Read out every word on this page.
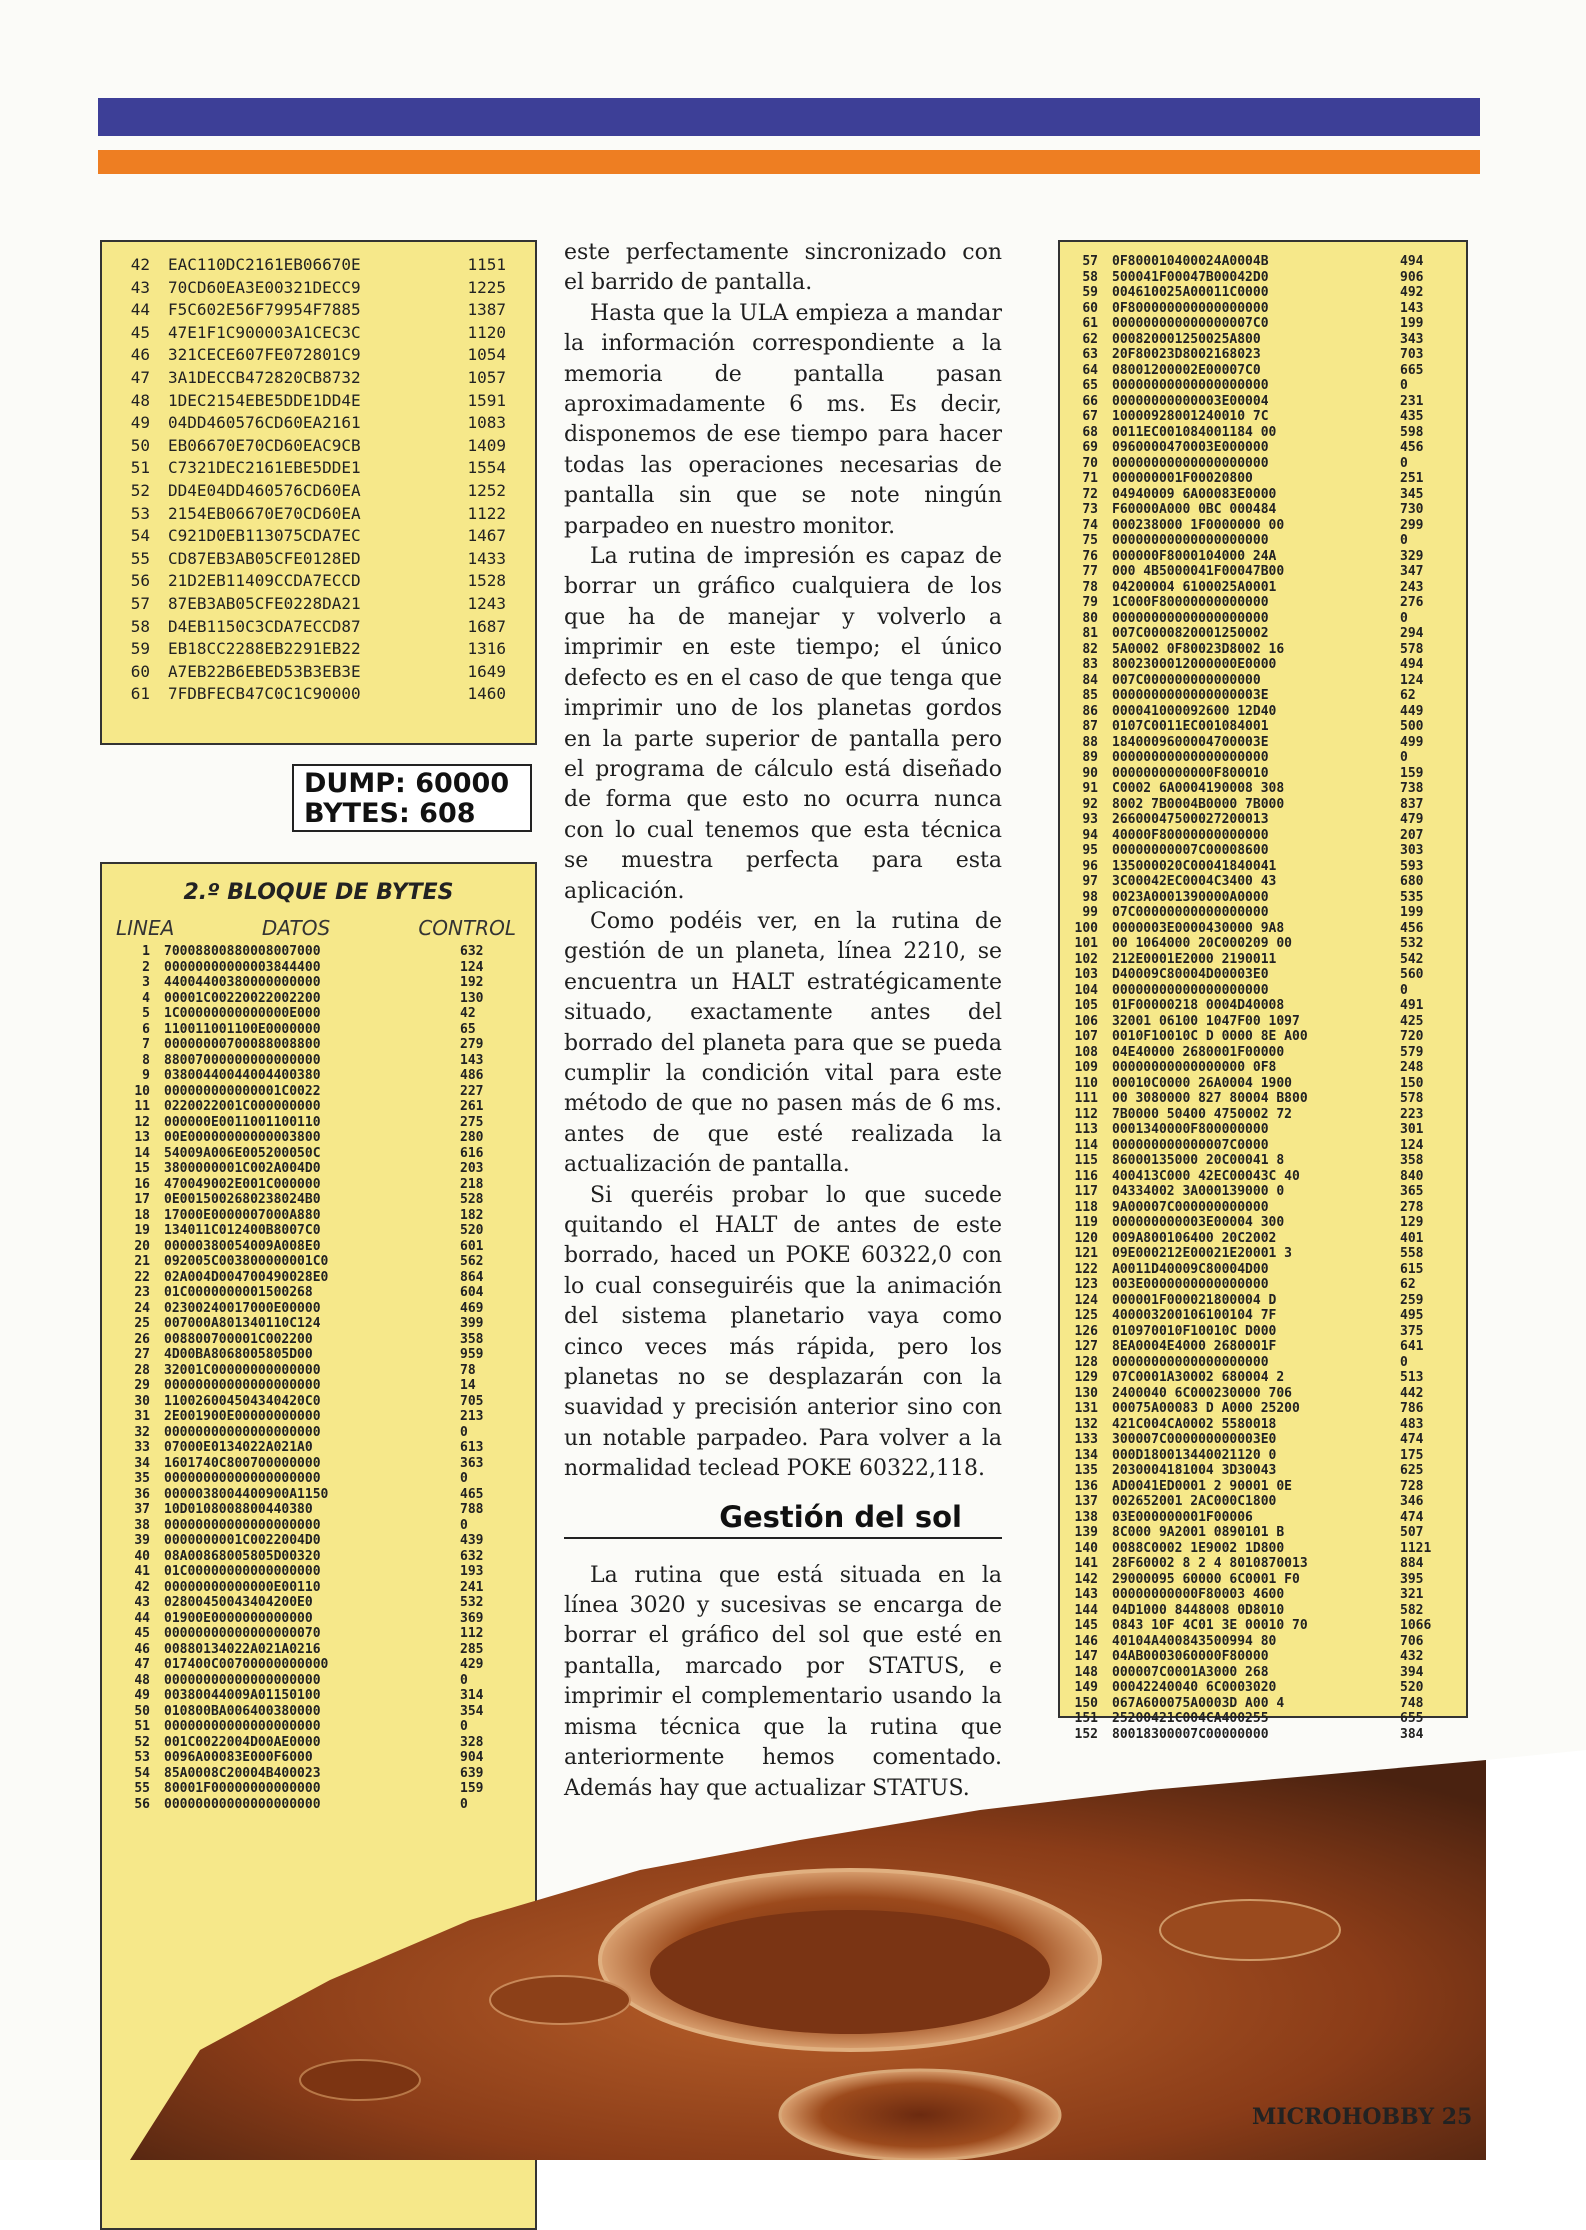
42	EAC110DC2161EB06670E	1151
43	70CD60EA3E00321DECC9	1225
44	F5C602E56F79954F7885	1387
45	47E1F1C900003A1CEC3C	1120
46	321CECE607FE072801C9	1054
47	3A1DECCB472820CB8732	1057
48	1DEC2154EBE5DDE1DD4E	1591
49	04DD460576CD60EA2161	1083
50	EB06670E70CD60EAC9CB	1409
51	C7321DEC2161EBE5DDE1	1554
52	DD4E04DD460576CD60EA	1252
53	2154EB06670E70CD60EA	1122
54	C921D0EB113075CDA7EC	1467
55	CD87EB3AB05CFE0128ED	1433
56	21D2EB11409CCDA7ECCD	1528
57	87EB3AB05CFE0228DA21	1243
58	D4EB1150C3CDA7ECCD87	1687
59	EB18CC2288EB2291EB22	1316
60	A7EB22B6EBED53B3EB3E	1649
61	7FDBFECB47C0C1C90000	1460
DUMP: 60000
BYTES: 608
2.º BLOQUE DE BYTES
LINEA	DATOS	CONTROL
1	70008800880008007000	632
2	00000000000003844400	124
3	44004400380000000000	192
4	00001C00220022002200	130
5	1C00000000000000E000	42
6	110011001100E0000000	65
7	00000000700088008800	279
8	88007000000000000000	143
9	03800440044004400380	486
10	000000000000001C0022	227
11	0220022001C000000000	261
12	000000E0011001100110	275
13	00E00000000000003800	280
14	54009A006E005200050C	616
15	3800000001C002A004D0	203
16	470049002E001C000000	218
17	0E0015002680238024B0	528
18	17000E0000007000A880	182
19	134011C012400B8007C0	520
20	00000380054009A008E0	601
21	092005C003800000001C0	562
22	02A004D004700490028E0	864
23	01C0000000001500268	604
24	02300240017000E00000	469
25	007000A801340110C124	399
26	008800700001C002200	358
27	4D00BA8068005805D00	959
28	32001C00000000000000	78
29	00000000000000000000	14
30	110026004504340420C0	705
31	2E001900E00000000000	213
32	00000000000000000000	0
33	07000E0134022A021A0	613
34	1601740C800700000000	363
35	00000000000000000000	0
36	0000038004400900A1150	465
37	10D0108008800440380	788
38	00000000000000000000	0
39	0000000001C0022004D0	439
40	08A00868005805D00320	632
41	01C00000000000000000	193
42	00000000000000E00110	241
43	02800450043404200E0	532
44	01900E0000000000000	369
45	00000000000000000070	112
46	00880134022A021A0216	285
47	017400C00700000000000	429
48	00000000000000000000	0
49	00380044009A01150100	314
50	010800BA006400380000	354
51	00000000000000000000	0
52	001C0022004D00AE0000	328
53	0096A00083E000F6000	904
54	85A0008C20004B400023	639
55	80001F00000000000000	159
56	00000000000000000000	0
57	0F800010400024A0004B	494
58	500041F00047B00042D0	906
59	004610025A00011C0000	492
60	0F800000000000000000	143
61	000000000000000007C0	199
62	000820001250025A800	343
63	20F80023D8002168023	703
64	08001200002E00007C0	665
65	00000000000000000000	0
66	00000000000003E00004	231
67	10000928001240010 7C	435
68	0011EC001084001184 00	598
69	0960000470003E000000	456
70	00000000000000000000	0
71	000000001F00020800	251
72	04940009 6A00083E0000	345
73	F60000A000 0BC 000484	730
74	000238000 1F0000000 00	299
75	00000000000000000000	0
76	000000F8000104000 24A	329
77	000 4B5000041F00047B00	347
78	04200004 6100025A0001	243
79	1C000F80000000000000	276
80	00000000000000000000	0
81	007C0000820001250002	294
82	5A0002 0F80023D8002 16	578
83	8002300012000000E0000	494
84	007C000000000000000	124
85	0000000000000000003E	62
86	000041000092600 12D40	449
87	0107C0011EC001084001	500
88	1840009600004700003E	499
89	00000000000000000000	0
90	0000000000000F800010	159
91	C0002 6A0004190008 308	738
92	8002 7B0004B0000 7B000	837
93	26600047500027200013	479
94	40000F80000000000000	207
95	00000000007C00008600	303
96	135000020C00041840041	593
97	3C00042EC0004C3400 43	680
98	0023A0001390000A0000	535
99	07C00000000000000000	199
100	0000003E0000430000 9A8	456
101	00 1064000 20C000209 00	532
102	212E0001E2000 2190011	542
103	D40009C80004D00003E0	560
104	00000000000000000000	0
105	01F00000218 0004D40008	491
106	32001 06100 1047F00 1097	425
107	0010F10010C D 0000 8E A00	720
108	04E40000 2680001F00000	579
109	00000000000000000 0F8	248
110	00010C0000 26A0004 1900	150
111	00 3080000 827 80004 B800	578
112	7B0000 50400 4750002 72	223
113	0001340000F800000000	301
114	000000000000007C0000	124
115	86000135000 20C00041 8	358
116	400413C000 42EC00043C 40	840
117	04334002 3A000139000 0	365
118	9A00007C000000000000	278
119	000000000003E00004 300	129
120	009A800106400 20C2002	401
121	09E000212E00021E20001 3	558
122	A0011D40009C80004D00	615
123	003E0000000000000000	62
124	000001F000021800004 D	259
125	400003200106100104 7F	495
126	010970010F10010C D000	375
127	8EA0004E4000 2680001F	641
128	00000000000000000000	0
129	07C0001A30002 680004 2	513
130	2400040 6C000230000 706	442
131	00075A00083 D A000 25200	786
132	421C004CA0002 5580018	483
133	300007C000000000003E0	474
134	000D180013440021120 0	175
135	2030004181004 3D30043	625
136	AD0041ED0001 2 90001 0E	728
137	002652001 2AC000C1800	346
138	03E000000001F00006	474
139	8C000 9A2001 0890101 B	507
140	0088C0002 1E9002 1D800	1121
141	28F60002 8 2 4 8010870013	884
142	29000095 60000 6C0001 F0	395
143	00000000000F80003 4600	321
144	04D1000 8448008 0D8010	582
145	0843 10F 4C01 3E 00010 70	1066
146	40104A400843500994 80	706
147	04AB0003060000F80000	432
148	000007C0001A3000 268	394
149	00042240040 6C0003020	520
150	067A600075A0003D A00 4	748
151	25200421C004CA400255	655
152	80018300007C00000000	384

este perfectamente sincronizado con el barrido de pantalla.

Hasta que la ULA empieza a mandar la información correspondiente a la memoria de pantalla pasan aproximadamente 6 ms. Es decir, disponemos de ese tiempo para hacer todas las operaciones necesarias de pantalla sin que se note ningún parpadeo en nuestro monitor.

La rutina de impresión es capaz de borrar un gráfico cualquiera de los que ha de manejar y volverlo a imprimir en este tiempo; el único defecto es en el caso de que tenga que imprimir uno de los planetas gordos en la parte superior de pantalla pero el programa de cálculo está diseñado de forma que esto no ocurra nunca con lo cual tenemos que esta técnica se muestra perfecta para esta aplicación.

Como podéis ver, en la rutina de gestión de un planeta, línea 2210, se encuentra un HALT estratégicamente situado, exactamente antes del borrado del planeta para que se pueda cumplir la condición vital para este método de que no pasen más de 6 ms. antes de que esté realizada la actualización de pantalla.

Si queréis probar lo que sucede quitando el HALT de antes de este borrado, haced un POKE 60322,0 con lo cual conseguiréis que la animación del sistema planetario vaya como cinco veces más rápida, pero los planetas no se desplazarán con la suavidad y precisión anterior sino con un notable parpadeo. Para volver a la normalidad teclead POKE 60322,118.

Gestión del sol

La rutina que está situada en la línea 3020 y sucesivas se encarga de borrar el gráfico del sol que esté en pantalla, marcado por STATUS, e imprimir el complementario usando la misma técnica que la rutina que anteriormente hemos comentado. Además hay que actualizar STATUS.

MICROHOBBY 25
